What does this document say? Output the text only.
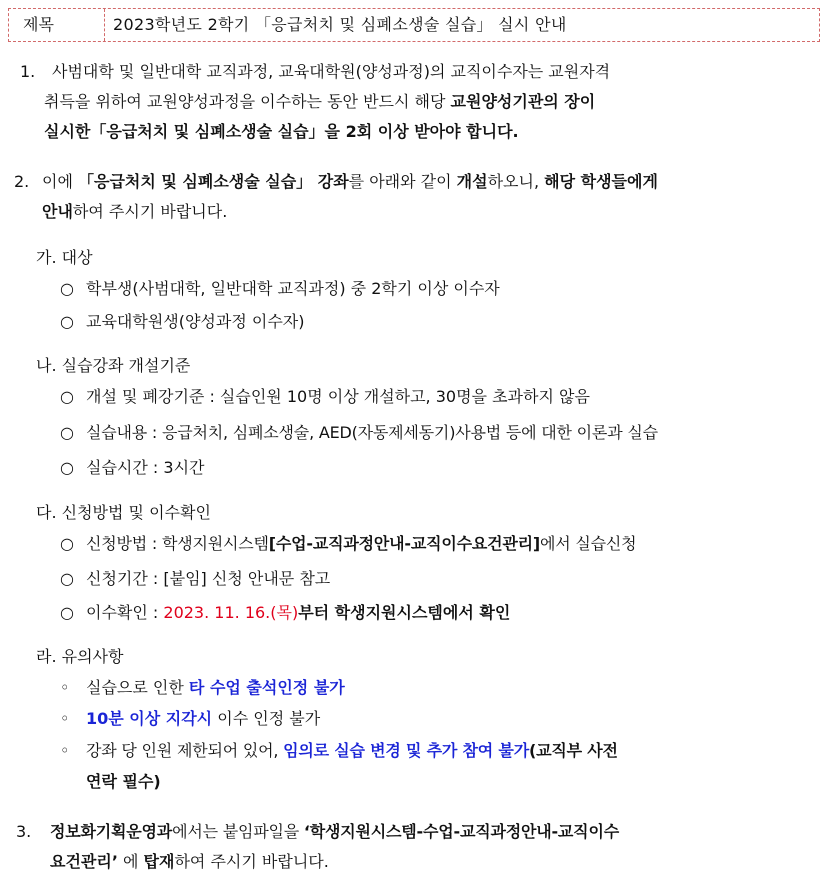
제목	2023학년도 2학기 「응급처치 및 심폐소생술 실습」 실시 안내
1. 사범대학 및 일반대학 교직과정, 교육대학원(양성과정)의 교직이수자는 교원자격
취득을 위하여 교원양성과정을 이수하는 동안 반드시 해당 교원양성기관의 장이
실시한「응급처치 및 심폐소생술 실습」을 2회 이상 받아야 합니다.
2. 이에 「응급처치 및 심폐소생술 실습」 강좌를 아래와 같이 개설하오니, 해당 학생들에게
안내하여 주시기 바랍니다.
가. 대상
○ 학부생(사범대학, 일반대학 교직과정) 중 2학기 이상 이수자
○ 교육대학원생(양성과정 이수자)
나. 실습강좌 개설기준
○ 개설 및 폐강기준 : 실습인원 10명 이상 개설하고, 30명을 초과하지 않음
○ 실습내용 : 응급처치, 심폐소생술, AED(자동제세동기)사용법 등에 대한 이론과 실습
○ 실습시간 : 3시간
다. 신청방법 및 이수확인
○ 신청방법 : 학생지원시스템[수업-교직과정안내-교직이수요건관리]에서 실습신청
○ 신청기간 : [붙임] 신청 안내문 참고
○ 이수확인 : 2023. 11. 16.(목)부터 학생지원시스템에서 확인
라. 유의사항
◦ 실습으로 인한 타 수업 출석인정 불가
◦ 10분 이상 지각시 이수 인정 불가
◦ 강좌 당 인원 제한되어 있어, 임의로 실습 변경 및 추가 참여 불가(교직부 사전
연락 필수)
3. 정보화기획운영과에서는 붙임파일을 ‘학생지원시스템-수업-교직과정안내-교직이수
요건관리’ 에 탑재하여 주시기 바랍니다.
